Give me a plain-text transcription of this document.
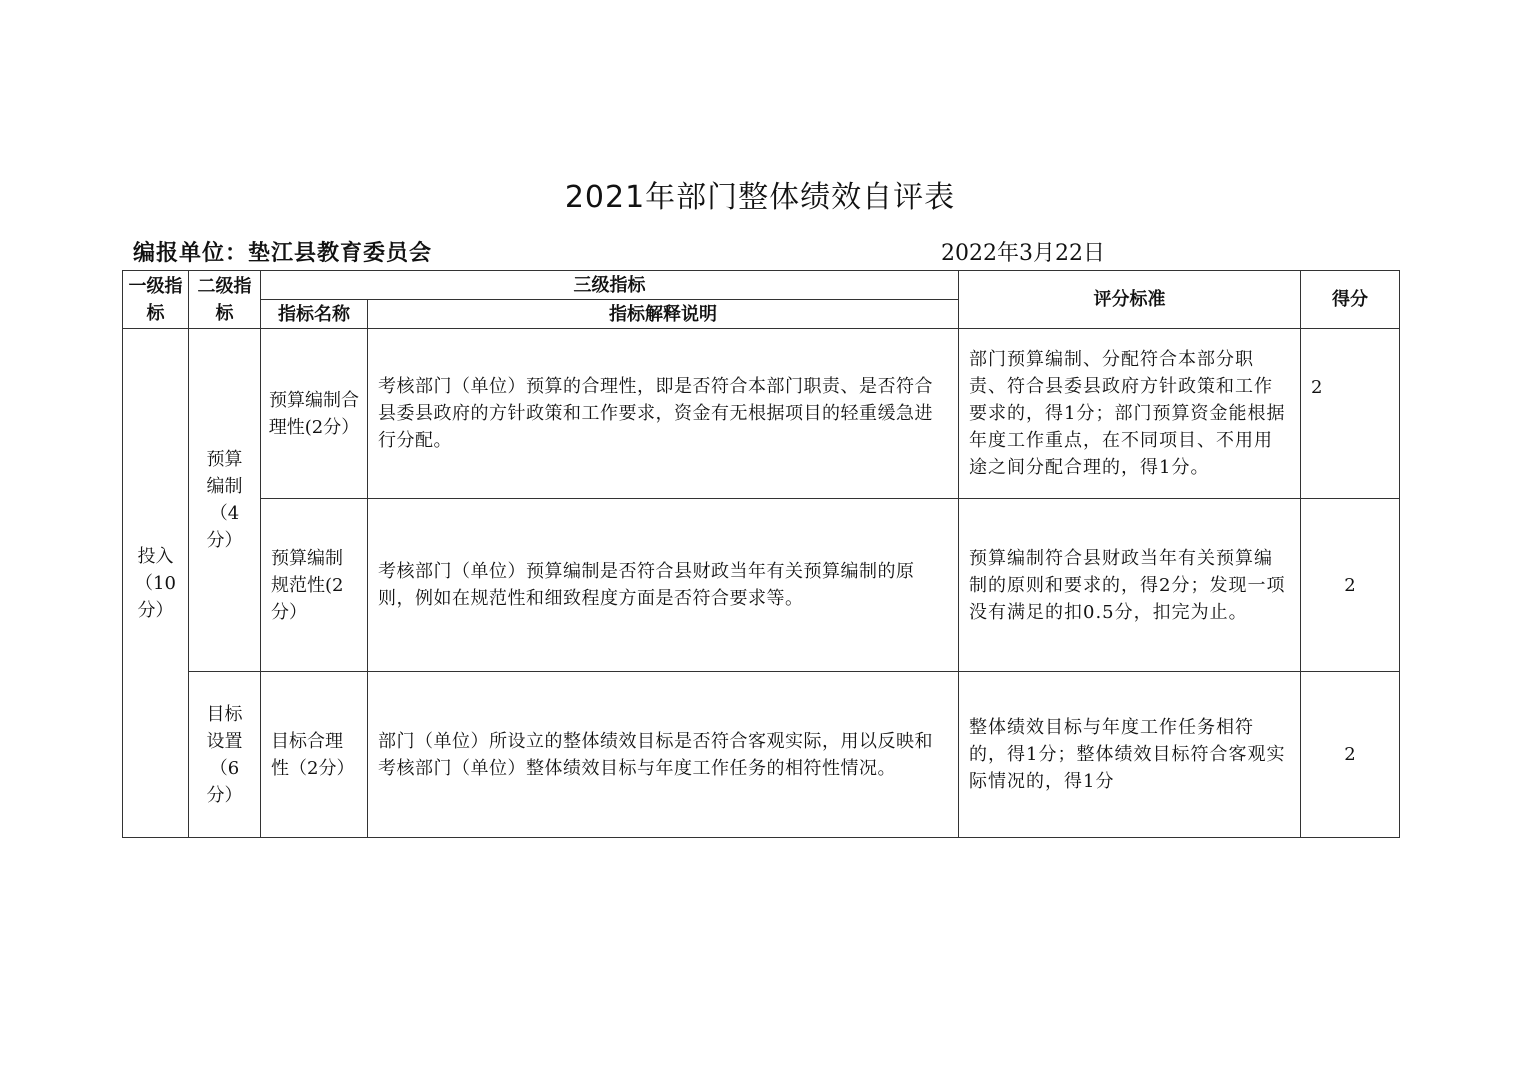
2021年部门整体绩效自评表
编报单位：垫江县教育委员会	2022年3月22日
一级指标	二级指标	三级指标		评分标准	得分
		指标名称	指标解释说明		
投入（10分）	预算编制（4分）	预算编制合理性(2分）	考核部门（单位）预算的合理性，即是否符合本部门职责、是否符合县委县政府的方针政策和工作要求，资金有无根据项目的轻重缓急进行分配。	部门预算编制、分配符合本部分职责、符合县委县政府方针政策和工作要求的，得1分；部门预算资金能根据年度工作重点，在不同项目、不用用途之间分配合理的，得1分。	2
		预算编制规范性(2分）	考核部门（单位）预算编制是否符合县财政当年有关预算编制的原则，例如在规范性和细致程度方面是否符合要求等。	预算编制符合县财政当年有关预算编制的原则和要求的，得2分；发现一项没有满足的扣0.5分，扣完为止。	2
	目标设置（6分）	目标合理性（2分）	部门（单位）所设立的整体绩效目标是否符合客观实际，用以反映和考核部门（单位）整体绩效目标与年度工作任务的相符性情况。	整体绩效目标与年度工作任务相符的，得1分；整体绩效目标符合客观实际情况的，得1分	2
